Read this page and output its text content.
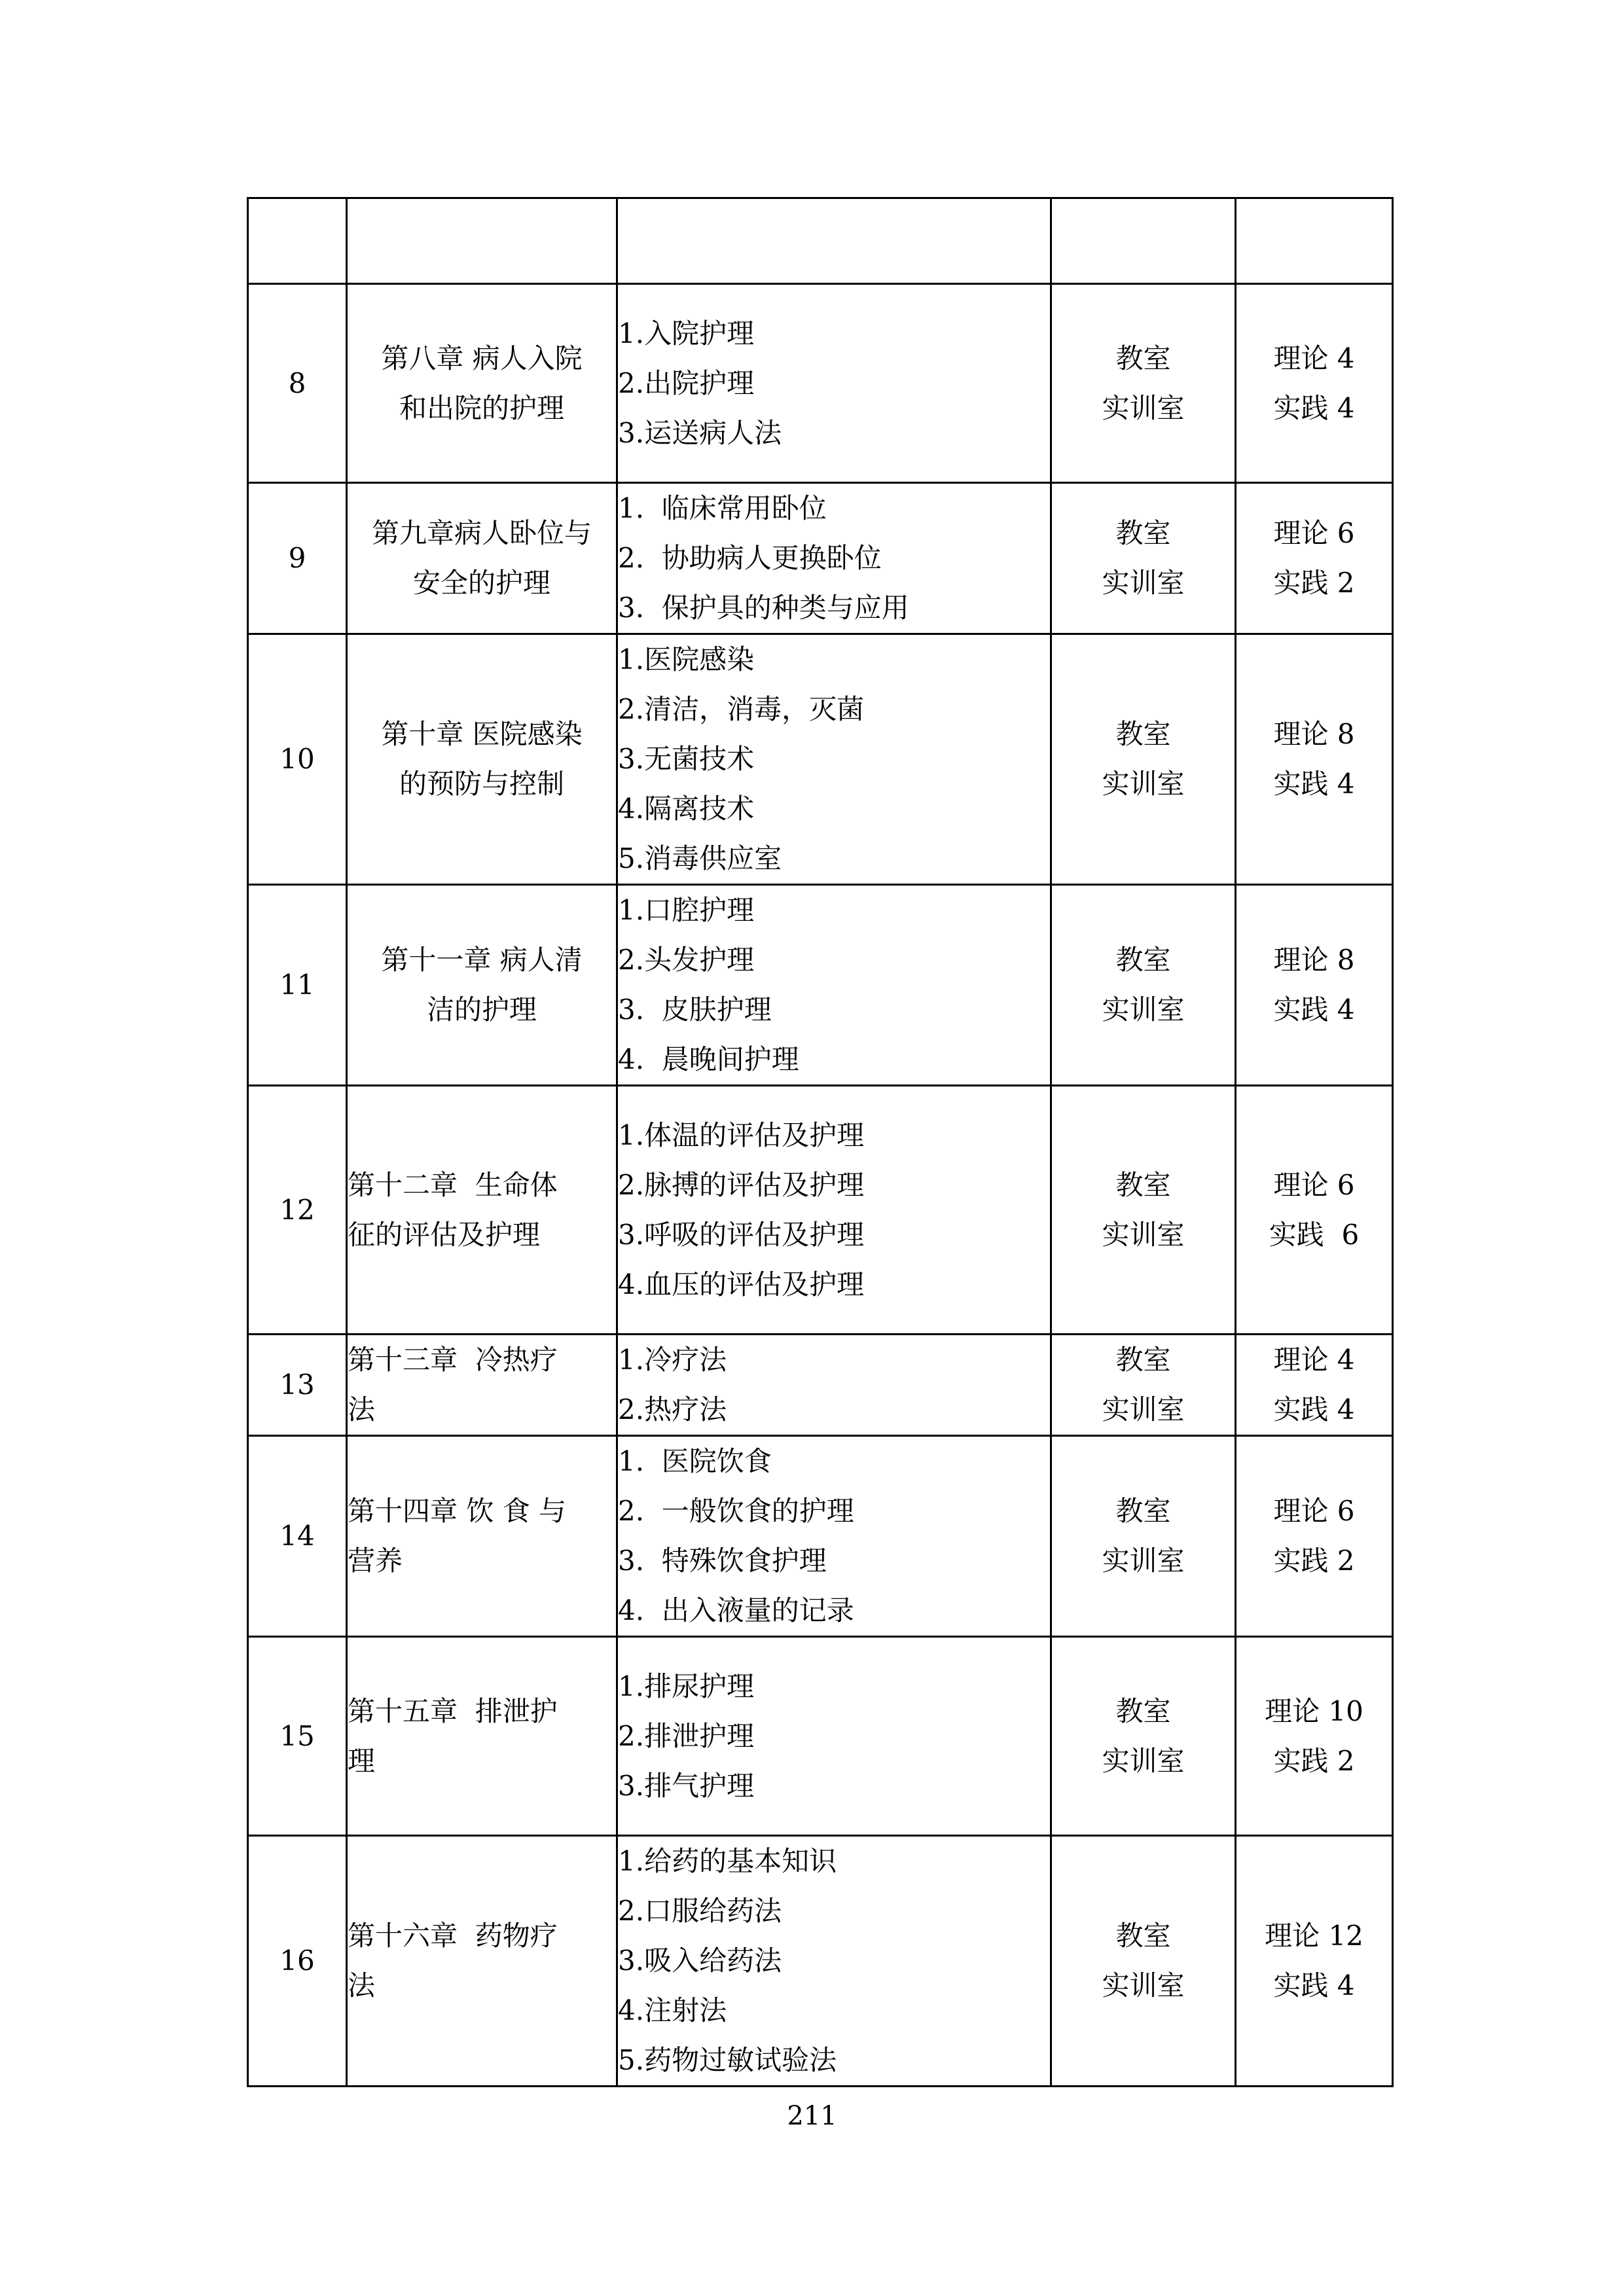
8	第八章 病人入院
和出院的护理	1.入院护理
2.出院护理
3.运送病人法	教室
实训室	理论 4
实践 4

9	第九章病人卧位与
安全的护理	1.  临床常用卧位
2.  协助病人更换卧位
3.  保护具的种类与应用	教室
实训室	理论 6
实践 2

10	第十章 医院感染
的预防与控制	1.医院感染
2.清洁，消毒，灭菌
3.无菌技术
4.隔离技术
5.消毒供应室	教室
实训室	理论 8
实践 4

11	第十一章 病人清
洁的护理	1.口腔护理
2.头发护理
3.  皮肤护理
4.  晨晚间护理	教室
实训室	理论 8
实践 4

12	第十二章  生命体
征的评估及护理	1.体温的评估及护理
2.脉搏的评估及护理
3.呼吸的评估及护理
4.血压的评估及护理	教室
实训室	理论 6
实践  6

13	第十三章  冷热疗
法	1.冷疗法
2.热疗法	教室
实训室	理论 4
实践 4

14	第十四章 饮 食 与
营养	1.  医院饮食
2.  一般饮食的护理
3.  特殊饮食护理
4.  出入液量的记录	教室
实训室	理论 6
实践 2

15	第十五章  排泄护
理	1.排尿护理
2.排泄护理
3.排气护理	教室
实训室	理论 10
实践 2

16	第十六章  药物疗
法	1.给药的基本知识
2.口服给药法
3.吸入给药法
4.注射法
5.药物过敏试验法	教室
实训室	理论 12
实践 4
211
